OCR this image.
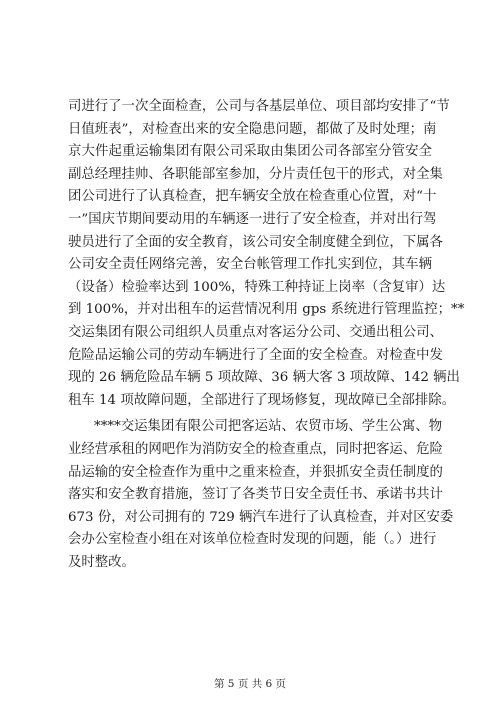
司进行了一次全面检查，公司与各基层单位、项目部均安排了“节
日值班表”，对检查出来的安全隐患问题，都做了及时处理；南
京大件起重运输集团有限公司采取由集团公司各部室分管安全
副总经理挂帅、各职能部室参加，分片责任包干的形式，对全集
团公司进行了认真检查，把车辆安全放在检查重心位置，对“十
一”国庆节期间要动用的车辆逐一进行了安全检查，并对出行驾
驶员进行了全面的安全教育，该公司安全制度健全到位，下属各
公司安全责任网络完善，安全台帐管理工作扎实到位，其车辆
（设备）检验率达到 100%，特殊工种持证上岗率（含复审）达
到 100%，并对出租车的运营情况利用 gps 系统进行管理监控；**
交运集团有限公司组织人员重点对客运分公司、交通出租公司、
危险品运输公司的劳动车辆进行了全面的安全检查。对检查中发
现的 26 辆危险品车辆 5 项故障、36 辆大客 3 项故障、142 辆出
租车 14 项故障问题，全部进行了现场修复，现故障已全部排除。
****交运集团有限公司把客运站、农贸市场、学生公寓、物
业经营承租的网吧作为消防安全的检查重点，同时把客运、危险
品运输的安全检查作为重中之重来检查，并狠抓安全责任制度的
落实和安全教育措施，签订了各类节日安全责任书、承诺书共计
673 份，对公司拥有的 729 辆汽车进行了认真检查，并对区安委
会办公室检查小组在对该单位检查时发现的问题，能（。）进行
及时整改。
第 5 页 共 6 页
